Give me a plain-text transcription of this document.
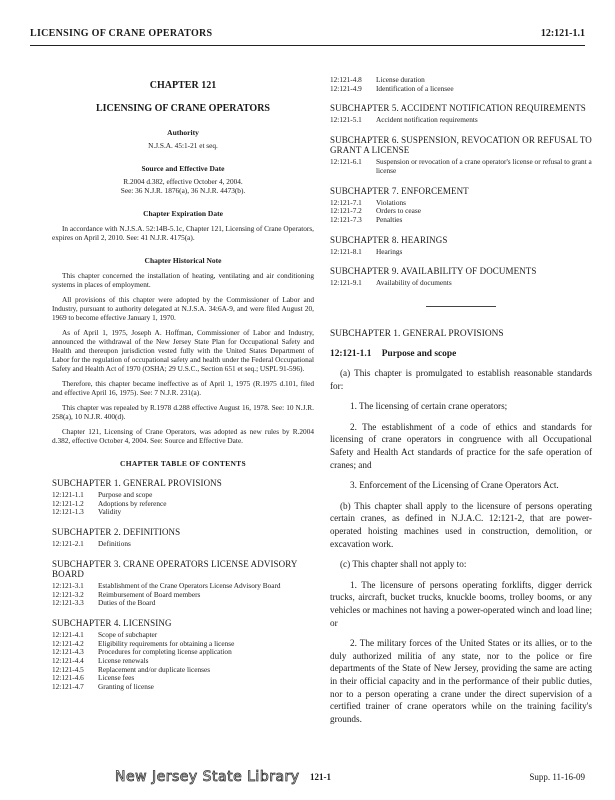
LICENSING OF CRANE OPERATORS	12:121-1.1
CHAPTER 121
LICENSING OF CRANE OPERATORS
Authority
N.J.S.A. 45:1-21 et seq.
Source and Effective Date
R.2004 d.382, effective October 4, 2004.
See: 36 N.J.R. 1876(a), 36 N.J.R. 4473(b).
Chapter Expiration Date
In accordance with N.J.S.A. 52:14B-5.1c, Chapter 121, Licensing of Crane Operators, expires on April 2, 2010. See: 41 N.J.R. 4175(a).
Chapter Historical Note
This chapter concerned the installation of heating, ventilating and air conditioning systems in places of employment.
All provisions of this chapter were adopted by the Commissioner of Labor and Industry, pursuant to authority delegated at N.J.S.A. 34:6A-9, and were filed August 20, 1969 to become effective January 1, 1970.
As of April 1, 1975, Joseph A. Hoffman, Commissioner of Labor and Industry, announced the withdrawal of the New Jersey State Plan for Occupational Safety and Health and thereupon jurisdiction vested fully with the United States Department of Labor for the regulation of occupational safety and health under the Federal Occupational Safety and Health Act of 1970 (OSHA; 29 U.S.C., Section 651 et seq.; USPL 91-596).
Therefore, this chapter became ineffective as of April 1, 1975 (R.1975 d.101, filed and effective April 16, 1975). See: 7 N.J.R. 231(a).
This chapter was repealed by R.1978 d.288 effective August 16, 1978. See: 10 N.J.R. 258(a), 10 N.J.R. 400(d).
Chapter 121, Licensing of Crane Operators, was adopted as new rules by R.2004 d.382, effective October 4, 2004. See: Source and Effective Date.
CHAPTER TABLE OF CONTENTS
SUBCHAPTER 1. GENERAL PROVISIONS
12:121-1.1	Purpose and scope
12:121-1.2	Adoptions by reference
12:121-1.3	Validity
SUBCHAPTER 2. DEFINITIONS
12:121-2.1	Definitions
SUBCHAPTER 3. CRANE OPERATORS LICENSE ADVISORY BOARD
12:121-3.1	Establishment of the Crane Operators License Advisory Board
12:121-3.2	Reimbursement of Board members
12:121-3.3	Duties of the Board
SUBCHAPTER 4. LICENSING
12:121-4.1	Scope of subchapter
12:121-4.2	Eligibility requirements for obtaining a license
12:121-4.3	Procedures for completing license application
12:121-4.4	License renewals
12:121-4.5	Replacement and/or duplicate licenses
12:121-4.6	License fees
12:121-4.7	Granting of license
12:121-4.8	License duration
12:121-4.9	Identification of a licensee
SUBCHAPTER 5. ACCIDENT NOTIFICATION REQUIREMENTS
12:121-5.1	Accident notification requirements
SUBCHAPTER 6. SUSPENSION, REVOCATION OR REFUSAL TO GRANT A LICENSE
12:121-6.1	Suspension or revocation of a crane operator's license or refusal to grant a license
SUBCHAPTER 7. ENFORCEMENT
12:121-7.1	Violations
12:121-7.2	Orders to cease
12:121-7.3	Penalties
SUBCHAPTER 8. HEARINGS
12:121-8.1	Hearings
SUBCHAPTER 9. AVAILABILITY OF DOCUMENTS
12:121-9.1	Availability of documents
SUBCHAPTER 1. GENERAL PROVISIONS
12:121-1.1 Purpose and scope

(a) This chapter is promulgated to establish reasonable standards for:

1. The licensing of certain crane operators;

2. The establishment of a code of ethics and standards for licensing of crane operators in congruence with all Occupational Safety and Health Act standards of practice for the safe operation of cranes; and

3. Enforcement of the Licensing of Crane Operators Act.

(b) This chapter shall apply to the licensure of persons operating certain cranes, as defined in N.J.A.C. 12:121-2, that are power-operated hoisting machines used in construction, demolition, or excavation work.

(c) This chapter shall not apply to:

1. The licensure of persons operating forklifts, digger derrick trucks, aircraft, bucket trucks, knuckle booms, trolley booms, or any vehicles or machines not having a power-operated winch and load line; or

2. The military forces of the United States or its allies, or to the duly authorized militia of any state, nor to the police or fire departments of the State of New Jersey, providing the same are acting in their official capacity and in the performance of their public duties, nor to a person operating a crane under the direct supervision of a certified trainer of crane operators while on the training facility's grounds.

New Jersey State Library 121-1	Supp. 11-16-09
